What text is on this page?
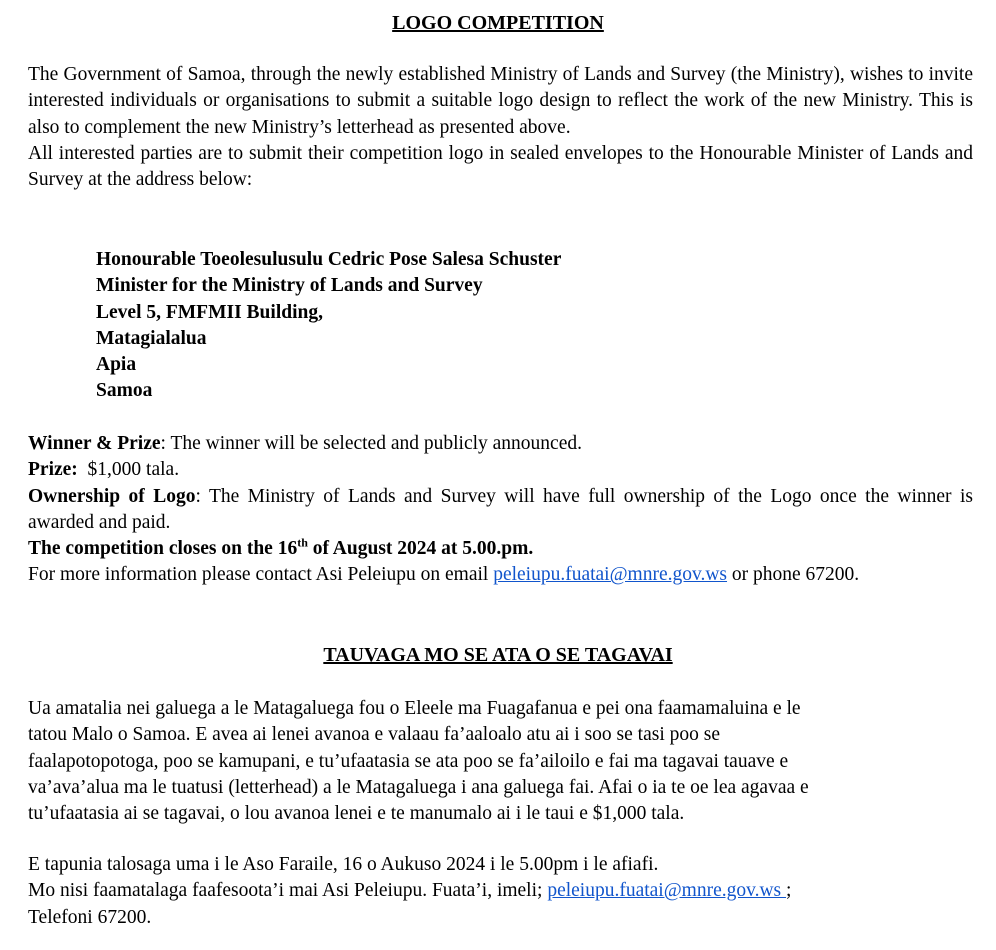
LOGO COMPETITION

The Government of Samoa, through the newly established Ministry of Lands and Survey (the Ministry), wishes to invite interested individuals or organisations to submit a suitable logo design to reflect the work of the new Ministry. This is also to complement the new Ministry’s letterhead as presented above.

All interested parties are to submit their competition logo in sealed envelopes to the Honourable Minister of Lands and Survey at the address below:

Honourable Toeolesulusulu Cedric Pose Salesa Schuster
Minister for the Ministry of Lands and Survey
Level 5, FMFMII Building,
Matagialalua
Apia
Samoa

Winner & Prize: The winner will be selected and publicly announced.

Prize:  $1,000 tala.

Ownership of Logo: The Ministry of Lands and Survey will have full ownership of the Logo once the winner is awarded and paid.

The competition closes on the 16th of August 2024 at 5.00.pm.

For more information please contact Asi Peleiupu on email peleiupu.fuatai@mnre.gov.ws or phone 67200.

TAUVAGA MO SE ATA O SE TAGAVAI
Ua amatalia nei galuega a le Matagaluega fou o Eleele ma Fuagafanua e pei ona faamamaluina e le
tatou Malo o Samoa. E avea ai lenei avanoa e valaau fa’aaloalo atu ai i soo se tasi poo se
faalapotopotoga, poo se kamupani, e tu’ufaatasia se ata poo se fa’ailoilo e fai ma tagavai tauave e
va’ava’alua ma le tuatusi (letterhead) a le Matagaluega i ana galuega fai. Afai o ia te oe lea agavaa e
tu’ufaatasia ai se tagavai, o lou avanoa lenei e te manumalo ai i le taui e $1,000 tala.
E tapunia talosaga uma i le Aso Faraile, 16 o Aukuso 2024 i le 5.00pm i le afiafi.
Mo nisi faamatalaga faafesoota’i mai Asi Peleiupu. Fuata’i, imeli; peleiupu.fuatai@mnre.gov.ws ;
Telefoni 67200.
